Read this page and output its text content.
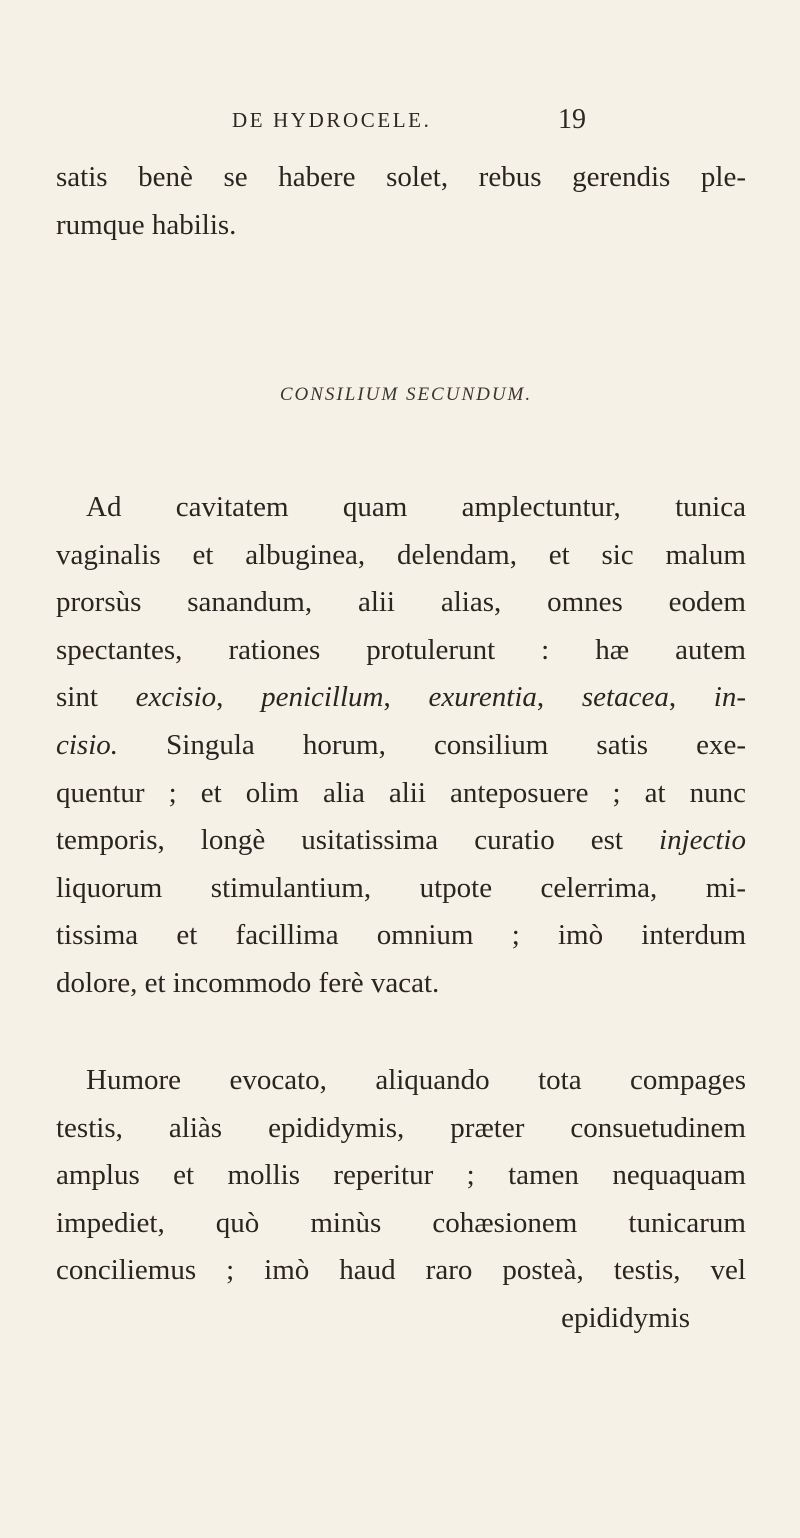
DE HYDROCELE.	19
satis benè se habere solet, rebus gerendis ple-
rumque habilis.
CONSILIUM SECUNDUM.
Ad cavitatem quam amplectuntur, tunica
vaginalis et albuginea, delendam, et sic malum
prorsùs sanandum, alii alias, omnes eodem
spectantes, rationes protulerunt : hæ autem
sint excisio, penicillum, exurentia, setacea, in-
cisio. Singula horum, consilium satis exe-
quentur ; et olim alia alii anteposuere ; at nunc
temporis, longè usitatissima curatio est injectio
liquorum stimulantium, utpote celerrima, mi-
tissima et facillima omnium ; imò interdum
dolore, et incommodo ferè vacat.
Humore evocato, aliquando tota compages
testis, aliàs epididymis, præter consuetudinem
amplus et mollis reperitur ; tamen nequaquam
impediet, quò minùs cohæsionem tunicarum
conciliemus ; imò haud raro posteà, testis, vel
epididymis
